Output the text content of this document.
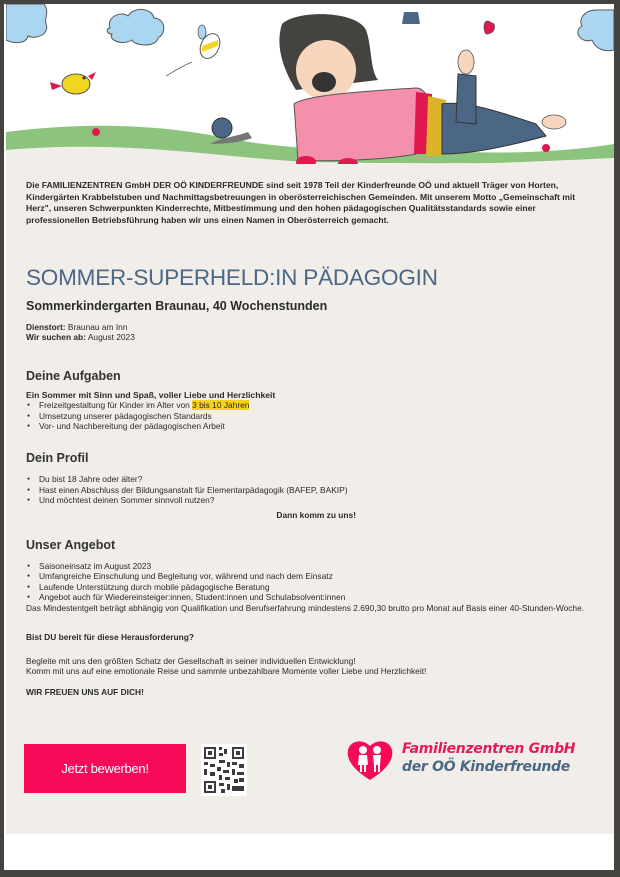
Die FAMILIENZENTREN GmbH DER OÖ KINDERFREUNDE sind seit 1978 Teil der Kinderfreunde OÖ und aktuell Träger von Horten, Kindergärten Krabbelstuben und Nachmittagsbetreuungen in oberösterreichischen Gemeinden. Mit unserem Motto „Gemeinschaft mit Herz", unseren Schwerpunkten Kinderrechte, Mitbestimmung und den hohen pädagogischen Qualitätsstandards sowie einer professionellen Betriebsführung haben wir uns einen Namen in Oberösterreich gemacht.

SOMMER-SUPERHELD:IN PÄDAGOGIN
Sommerkindergarten Braunau, 40 Wochenstunden
Dienstort: Braunau am Inn
Wir suchen ab: August 2023
Deine Aufgaben
Ein Sommer mit Sinn und Spaß, voller Liebe und Herzlichkeit
● Freizeitgestaltung für Kinder im Alter von 3 bis 10 Jahren
● Umsetzung unserer pädagogischen Standards
● Vor- und Nachbereitung der pädagogischen Arbeit
Dein Profil
● Du bist 18 Jahre oder älter?
● Hast einen Abschluss der Bildungsanstalt für Elementarpädagogik (BAFEP, BAKIP)
● Und möchtest deinen Sommer sinnvoll nutzen?
Dann komm zu uns!
Unser Angebot
● Saisoneinsatz im August 2023
● Umfangreiche Einschulung und Begleitung vor, während und nach dem Einsatz
● Laufende Unterstützung durch mobile pädagogische Beratung
● Angebot auch für Wiedereinsteiger:innen, Student:innen und Schulabsolvent:innen
Das Mindestentgelt beträgt abhängig von Qualifikation und Berufserfahrung mindestens 2.690,30 brutto pro Monat auf Basis einer 40-Stunden-Woche.
Bist DU bereit für diese Herausforderung?
Begleite mit uns den größten Schatz der Gesellschaft in seiner individuellen Entwicklung!
Komm mit uns auf eine emotionale Reise und sammle unbezahlbare Momente voller Liebe und Herzlichkeit!
WIR FREUEN UNS AUF DICH!
Jetzt bewerben!
Familienzentren GmbH
der OÖ Kinderfreunde
